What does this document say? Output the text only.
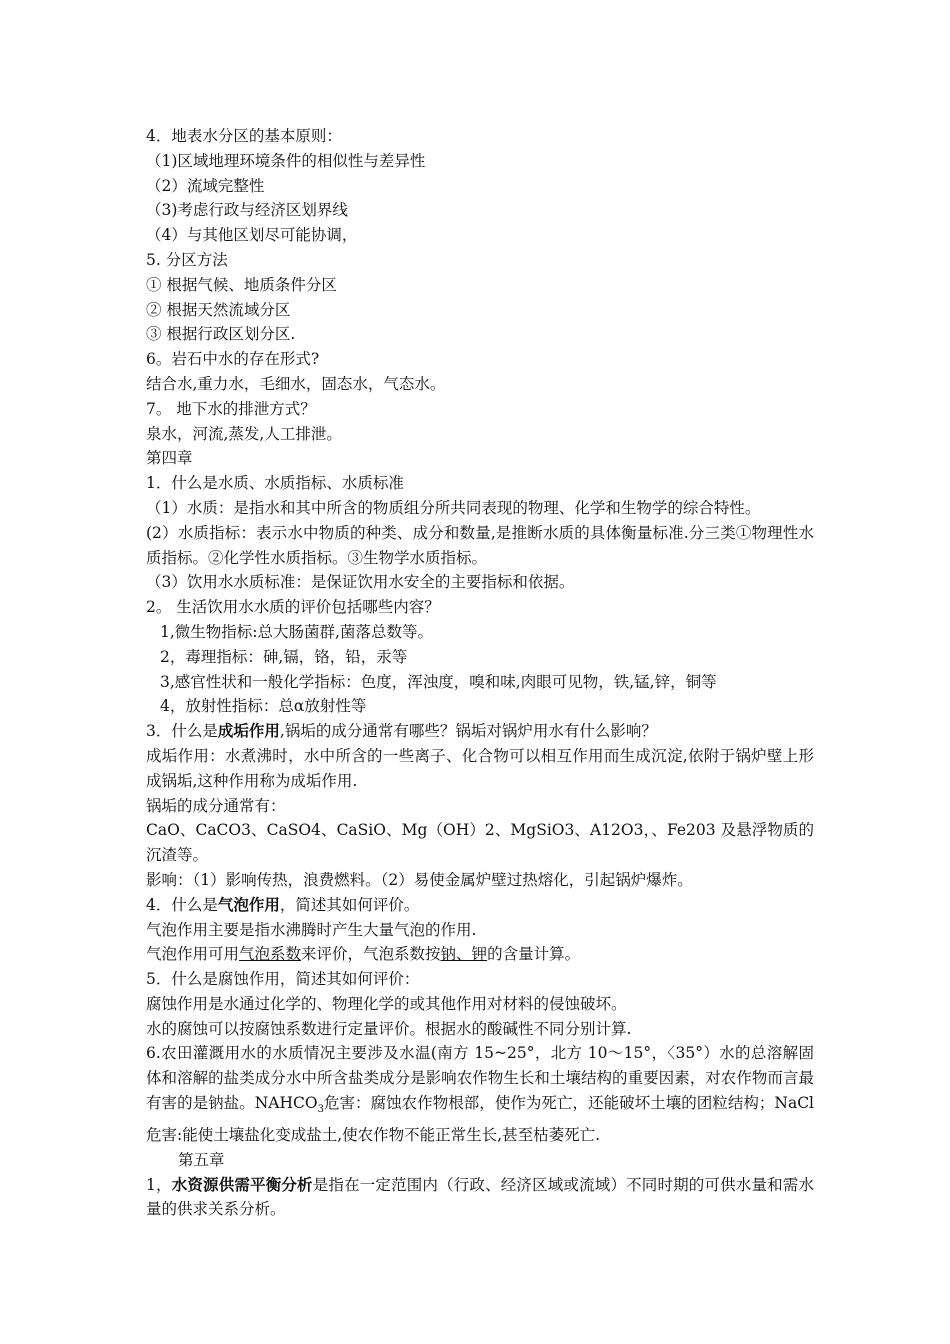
4．地表水分区的基本原则：
（1)区域地理环境条件的相似性与差异性
（2）流域完整性
（3)考虑行政与经济区划界线
（4）与其他区划尽可能协调，
5. 分区方法
① 根据气候、地质条件分区
② 根据天然流域分区
③ 根据行政区划分区.
6。岩石中水的存在形式?
结合水,重力水，毛细水，固态水，气态水。
7。 地下水的排泄方式？
泉水，河流,蒸发,人工排泄。
第四章
1．什么是水质、水质指标、水质标准
（1）水质：是指水和其中所含的物质组分所共同表现的物理、化学和生物学的综合特性。
(2）水质指标：表示水中物质的种类、成分和数量,是推断水质的具体衡量标准.分三类①物理性水质指标。②化学性水质指标。③生物学水质指标。
（3）饮用水水质标准：是保证饮用水安全的主要指标和依据。
2。 生活饮用水水质的评价包括哪些内容？
1,微生物指标:总大肠菌群,菌落总数等。
2，毒理指标：砷,镉，铬，铅，汞等
3,感官性状和一般化学指标：色度，浑浊度，嗅和味,肉眼可见物，铁,锰,锌，铜等
4，放射性指标：总α放射性等
3．什么是成垢作用,锅垢的成分通常有哪些？锅垢对锅炉用水有什么影响？
成垢作用：水煮沸时，水中所含的一些离子、化合物可以相互作用而生成沉淀,依附于锅炉壁上形成锅垢,这种作用称为成垢作用.
锅垢的成分通常有：
CaO、CaCO3、CaSO4、CaSiO、Mg（OH）2、MgSiO3、A12O3，、Fe203 及悬浮物质的沉渣等。
影响：（1）影响传热，浪费燃料。（2）易使金属炉壁过热熔化，引起锅炉爆炸。
4．什么是气泡作用，简述其如何评价。
气泡作用主要是指水沸腾时产生大量气泡的作用.
气泡作用可用气泡系数来评价，气泡系数按钠、钾的含量计算。
5．什么是腐蚀作用，简述其如何评价：
腐蚀作用是水通过化学的、物理化学的或其他作用对材料的侵蚀破坏。
水的腐蚀可以按腐蚀系数进行定量评价。根据水的酸碱性不同分别计算.
6.农田灌溉用水的水质情况主要涉及水温(南方 15~25°，北方 10～15°，〈35°）水的总溶解固体和溶解的盐类成分水中所含盐类成分是影响农作物生长和土壤结构的重要因素，对农作物而言最有害的是钠盐。$NAHCO_3$危害：腐蚀农作物根部，使作为死亡，还能破坏土壤的团粒结构；NaCl 危害:能使土壤盐化变成盐土,使农作物不能正常生长,甚至枯萎死亡.
第五章
1，水资源供需平衡分析是指在一定范围内（行政、经济区域或流域）不同时期的可供水量和需水量的供求关系分析。
